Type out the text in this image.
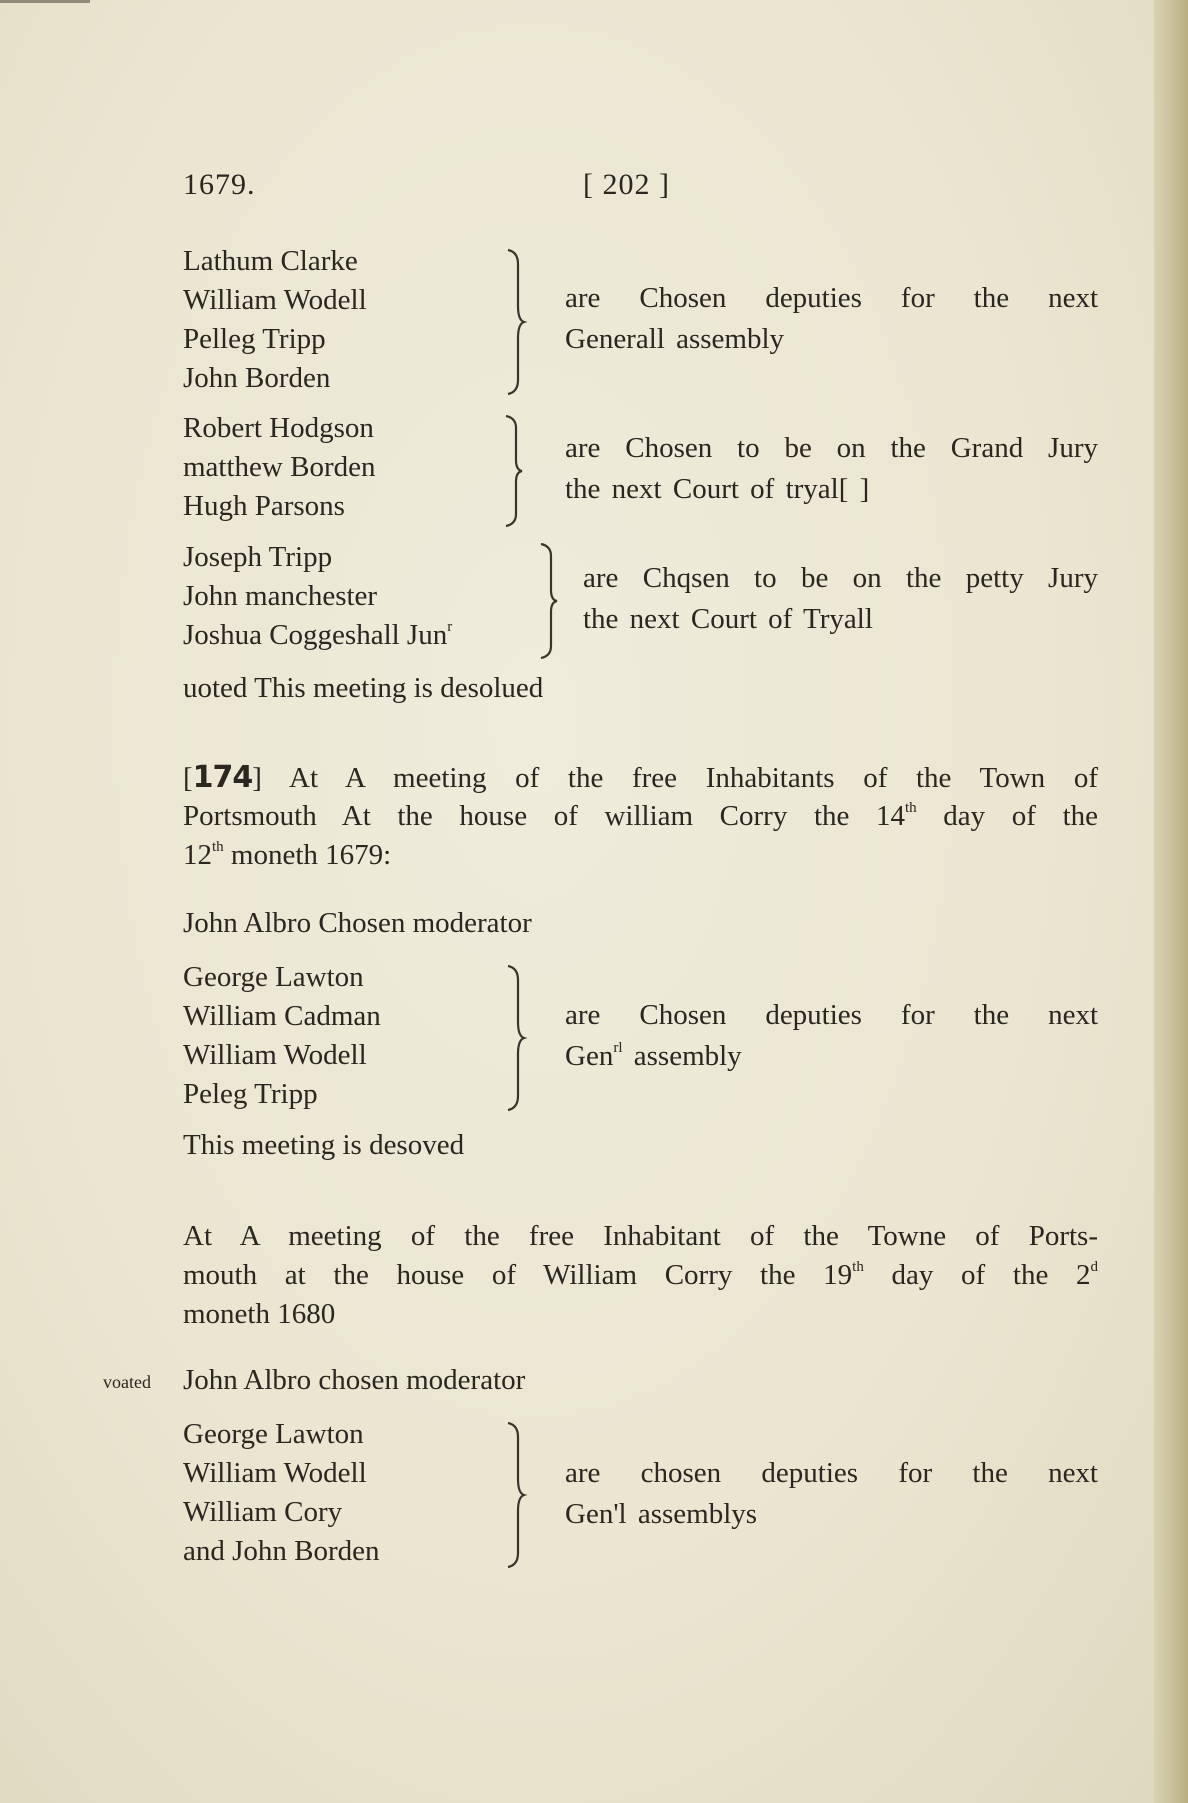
1679.	[ 202 ]
Lathum Clarke
William Wodell
Pelleg Tripp
John Borden
are Chosen deputies for the next
Generall assembly
Robert Hodgson
matthew Borden
Hugh Parsons
are Chosen to be on the Grand Jury
the next Court of tryal[ ]
Joseph Tripp
John manchester
Joshua Coggeshall Jun$^r$
are Chqsen to be on the petty Jury
the next Court of Tryall
uoted This meeting is desolued
[174] At A meeting of the free Inhabitants of the Town of
Portsmouth At the house of william Corry the 14th day of the
12th moneth 1679:
John Albro Chosen moderator
George Lawton
William Cadman
William Wodell
Peleg Tripp
are Chosen deputies for the next
Gen$^{rl}$ assembly
This meeting is desoved
At A meeting of the free Inhabitant of the Towne of Ports-
mouth at the house of William Corry the 19th day of the 2$^d$
moneth 1680
voated John Albro chosen moderator
George Lawton
William Wodell
William Cory
and John Borden
are chosen deputies for the next
Gen'l assemblys
